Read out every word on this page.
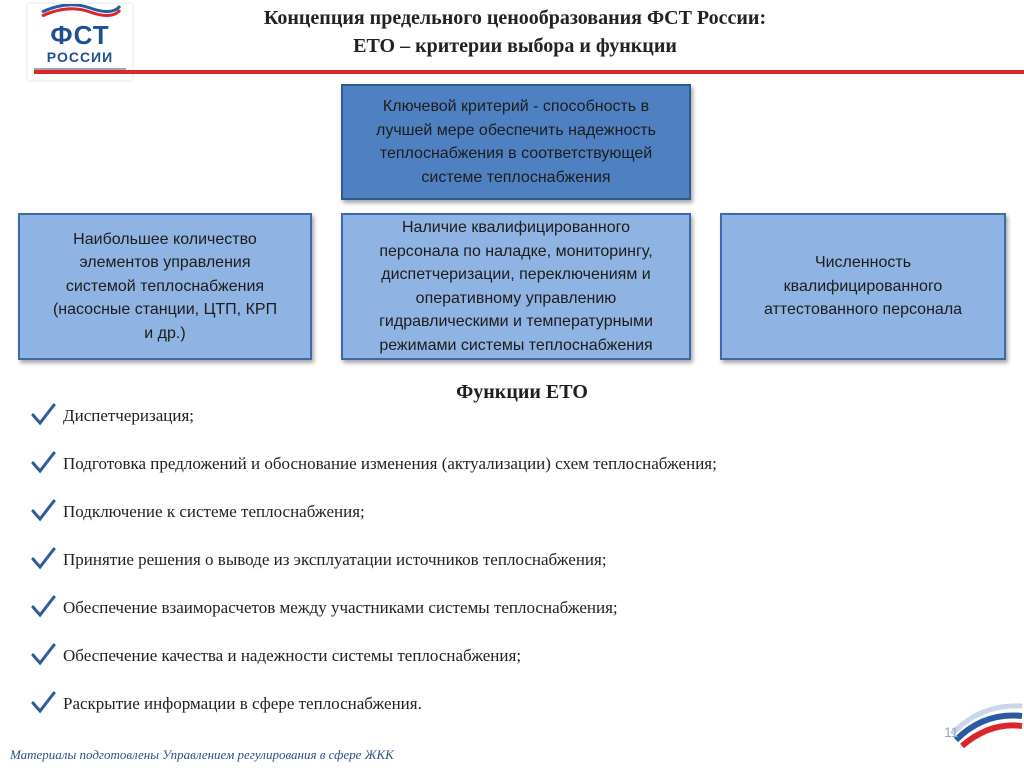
ФСТ
РОССИИ
Концепция предельного ценообразования ФСТ России:
ЕТО – критерии выбора и функции
Ключевой критерий - способность в
лучшей мере обеспечить надежность
теплоснабжения в соответствующей
системе теплоснабжения
Наибольшее количество
элементов управления
системой теплоснабжения
(насосные станции, ЦТП, КРП
и др.)
Наличие квалифицированного
персонала по наладке, мониторингу,
диспетчеризации, переключениям и
оперативному управлению
гидравлическими и температурными
режимами системы теплоснабжения
Численность
квалифицированного
аттестованного персонала
Функции ЕТО
Диспетчеризация;
Подготовка предложений и обоснование изменения (актуализации) схем теплоснабжения;
Подключение к системе теплоснабжения;
Принятие решения о выводе из эксплуатации источников теплоснабжения;
Обеспечение взаиморасчетов между участниками системы теплоснабжения;
Обеспечение качества и надежности системы теплоснабжения;
Раскрытие информации в сфере теплоснабжения.
11
Материалы подготовлены Управлением регулирования в сфере ЖКК
